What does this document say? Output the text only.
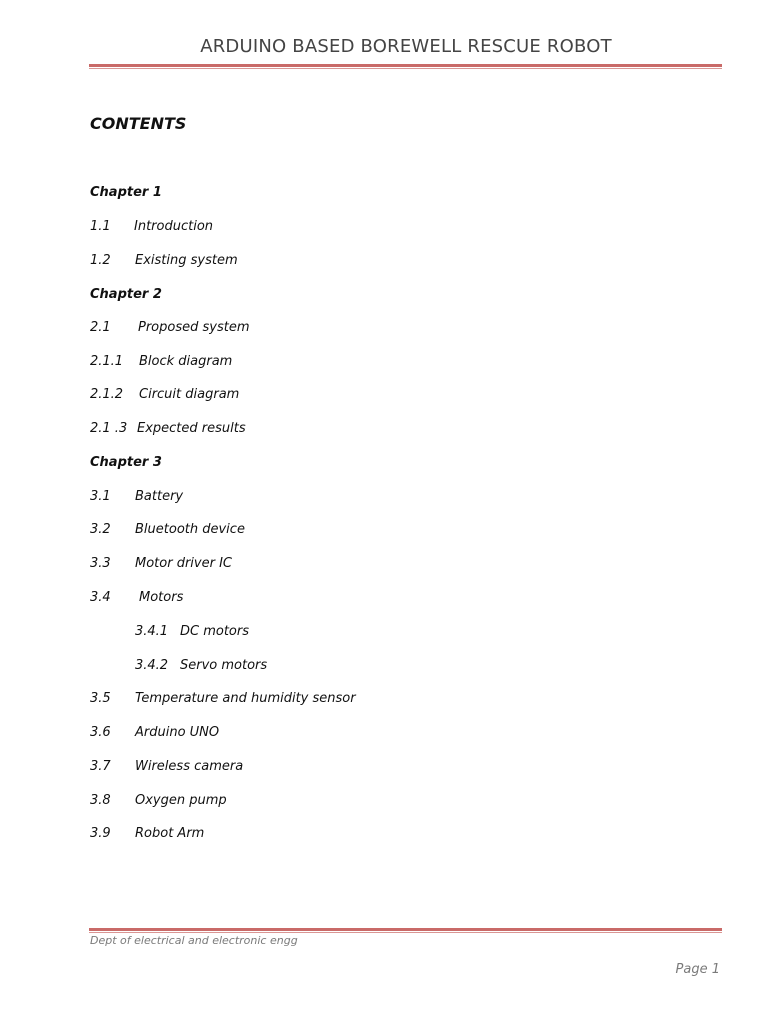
ARDUINO BASED BOREWELL RESCUE ROBOT
CONTENTS
Chapter 1
1.1 Introduction
1.2 Existing system
Chapter 2
2.1 Proposed system
2.1.1 Block diagram
2.1.2 Circuit diagram
2.1 .3 Expected results
Chapter 3
3.1 Battery
3.2 Bluetooth device
3.3 Motor driver IC
3.4 Motors
3.4.1 DC motors
3.4.2 Servo motors
3.5 Temperature and humidity sensor
3.6 Arduino UNO
3.7 Wireless camera
3.8 Oxygen pump
3.9 Robot Arm
Dept of electrical and electronic engg
Page 1
